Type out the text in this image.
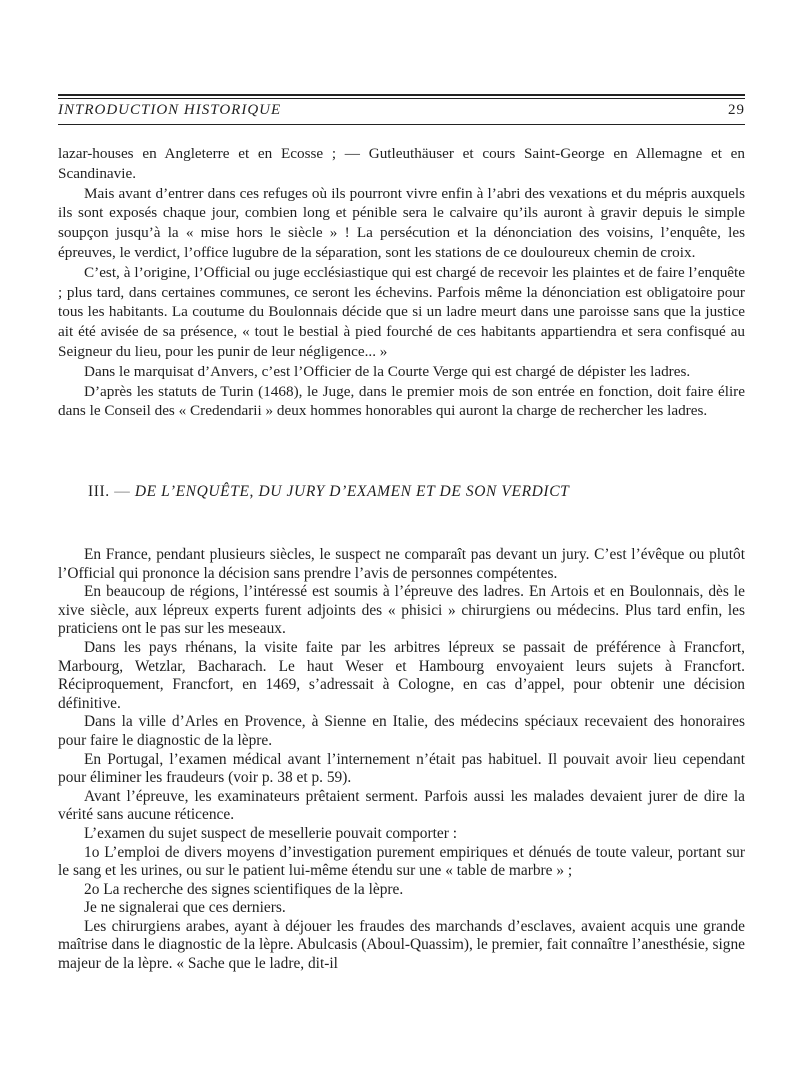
INTRODUCTION HISTORIQUE	29

lazar-houses en Angleterre et en Ecosse ; — Gutleuthäuser et cours Saint-George en Allemagne et en Scandinavie.

Mais avant d’entrer dans ces refuges où ils pourront vivre enfin à l’abri des vexations et du mépris auxquels ils sont exposés chaque jour, combien long et pénible sera le calvaire qu’ils auront à gravir depuis le simple soupçon jusqu’à la « mise hors le siècle » ! La persécution et la dénonciation des voisins, l’enquête, les épreuves, le verdict, l’office lugubre de la séparation, sont les stations de ce douloureux chemin de croix.

C’est, à l’origine, l’Official ou juge ecclésiastique qui est chargé de recevoir les plaintes et de faire l’enquête ; plus tard, dans certaines communes, ce seront les échevins. Parfois même la dénonciation est obligatoire pour tous les habitants. La coutume du Boulonnais décide que si un ladre meurt dans une paroisse sans que la justice ait été avisée de sa présence, « tout le bestial à pied fourché de ces habitants appartiendra et sera confisqué au Seigneur du lieu, pour les punir de leur négligence... »

Dans le marquisat d’Anvers, c’est l’Officier de la Courte Verge qui est chargé de dépister les ladres.

D’après les statuts de Turin (1468), le Juge, dans le premier mois de son entrée en fonction, doit faire élire dans le Conseil des « Credendarii » deux hommes honorables qui auront la charge de rechercher les ladres.

III. — DE L’ENQUÊTE, DU JURY D’EXAMEN ET DE SON VERDICT

En France, pendant plusieurs siècles, le suspect ne comparaît pas devant un jury. C’est l’évêque ou plutôt l’Official qui prononce la décision sans prendre l’avis de personnes compétentes.

En beaucoup de régions, l’intéressé est soumis à l’épreuve des ladres. En Artois et en Boulonnais, dès le xive siècle, aux lépreux experts furent adjoints des « phisici » chirurgiens ou médecins. Plus tard enfin, les praticiens ont le pas sur les meseaux.

Dans les pays rhénans, la visite faite par les arbitres lépreux se passait de préférence à Francfort, Marbourg, Wetzlar, Bacharach. Le haut Weser et Hambourg envoyaient leurs sujets à Francfort. Réciproquement, Francfort, en 1469, s’adressait à Cologne, en cas d’appel, pour obtenir une décision définitive.

Dans la ville d’Arles en Provence, à Sienne en Italie, des médecins spéciaux recevaient des honoraires pour faire le diagnostic de la lèpre.

En Portugal, l’examen médical avant l’internement n’était pas habituel. Il pouvait avoir lieu cependant pour éliminer les fraudeurs (voir p. 38 et p. 59).

Avant l’épreuve, les examinateurs prêtaient serment. Parfois aussi les malades devaient jurer de dire la vérité sans aucune réticence.

L’examen du sujet suspect de mesellerie pouvait comporter :

1o L’emploi de divers moyens d’investigation purement empiriques et dénués de toute valeur, portant sur le sang et les urines, ou sur le patient lui-même étendu sur une « table de marbre » ;

2o La recherche des signes scientifiques de la lèpre.

Je ne signalerai que ces derniers.

Les chirurgiens arabes, ayant à déjouer les fraudes des marchands d’esclaves, avaient acquis une grande maîtrise dans le diagnostic de la lèpre. Abulcasis (Aboul-Quassim), le premier, fait connaître l’anesthésie, signe majeur de la lèpre. « Sache que le ladre, dit-il
